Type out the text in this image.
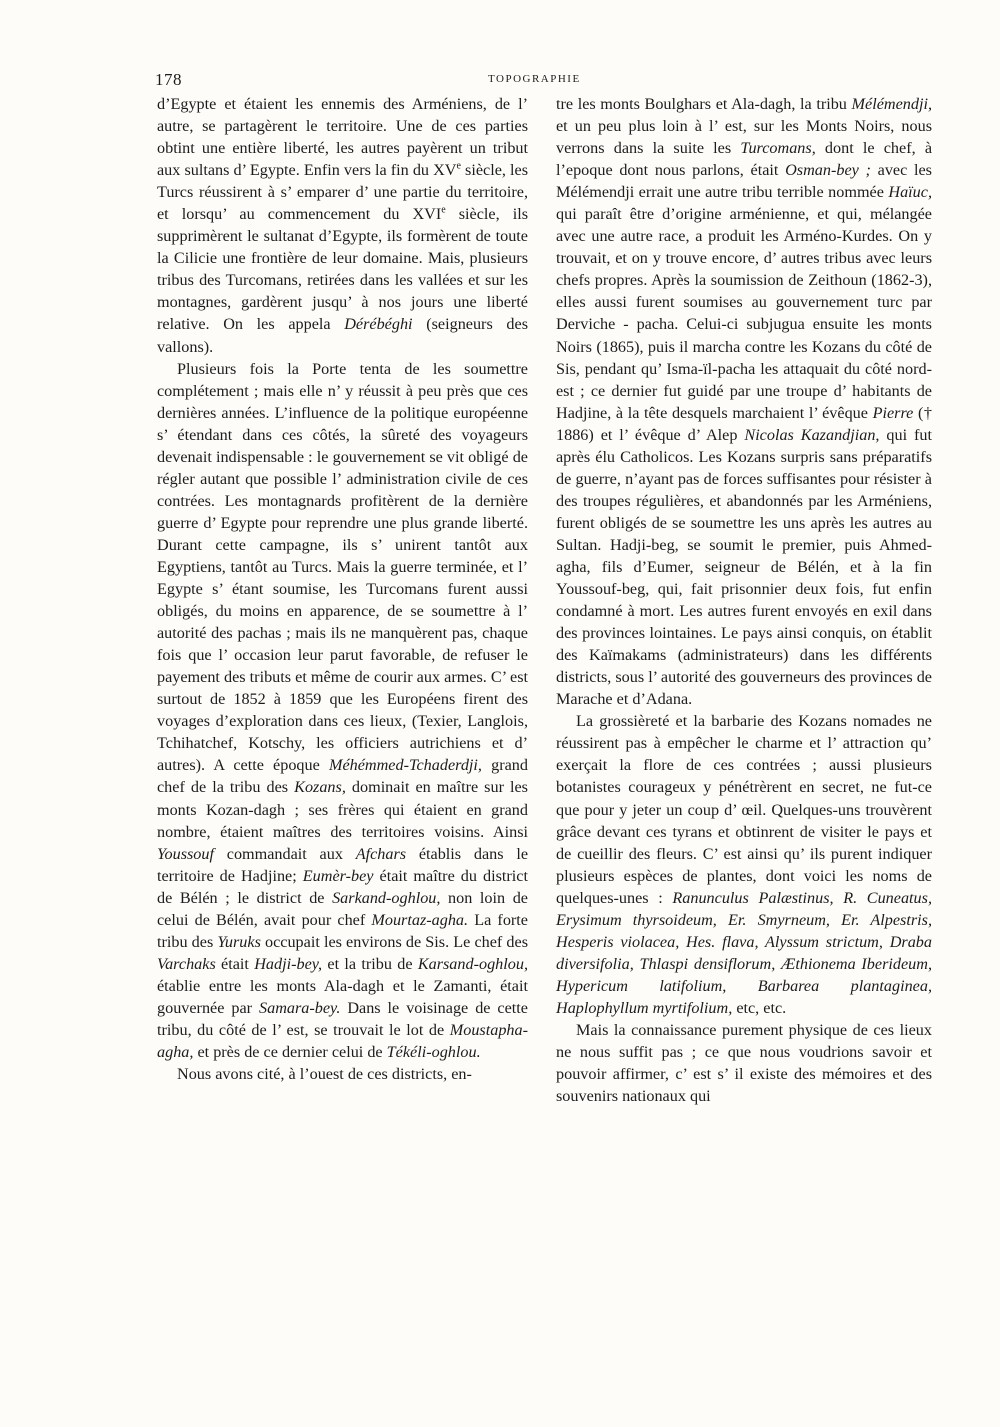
178	TOPOGRAPHIE

d’Egypte et étaient les ennemis des Arméniens, de l’ autre, se partagèrent le territoire. Une de ces parties obtint une entière liberté, les autres payèrent un tribut aux sultans d’ Egypte. Enfin vers la fin du XVe siècle, les Turcs réussirent à s’ emparer d’ une partie du territoire, et lorsqu’ au commencement du XVIe siècle, ils supprimèrent le sultanat d’Egypte, ils formèrent de toute la Cilicie une frontière de leur domaine. Mais, plusieurs tribus des Turcomans, retirées dans les vallées et sur les montagnes, gardèrent jusqu’ à nos jours une liberté relative. On les appela Dérébéghi (seigneurs des vallons).

Plusieurs fois la Porte tenta de les soumettre complétement ; mais elle n’ y réussit à peu près que ces dernières années. L’influence de la politique européenne s’ étendant dans ces côtés, la sûreté des voyageurs devenait indispensable : le gouvernement se vit obligé de régler autant que possible l’ administration civile de ces contrées. Les montagnards profitèrent de la dernière guerre d’ Egypte pour reprendre une plus grande liberté. Durant cette campagne, ils s’ unirent tantôt aux Egyptiens, tantôt au Turcs. Mais la guerre terminée, et l’ Egypte s’ étant soumise, les Turcomans furent aussi obligés, du moins en apparence, de se soumettre à l’ autorité des pachas ; mais ils ne manquèrent pas, chaque fois que l’ occasion leur parut favorable, de refuser le payement des tributs et même de courir aux armes. C’ est surtout de 1852 à 1859 que les Européens firent des voyages d’exploration dans ces lieux, (Texier, Langlois, Tchihatchef, Kotschy, les officiers autrichiens et d’ autres). A cette époque Méhémmed-Tchaderdji, grand chef de la tribu des Kozans, dominait en maître sur les monts Kozan-dagh ; ses frères qui étaient en grand nombre, étaient maîtres des territoires voisins. Ainsi Youssouf commandait aux Afchars établis dans le territoire de Hadjine; Eumèr-bey était maître du district de Bélén ; le district de Sarkand-oghlou, non loin de celui de Bélén, avait pour chef Mourtaz-agha. La forte tribu des Yuruks occupait les environs de Sis. Le chef des Varchaks était Hadji-bey, et la tribu de Karsand-oghlou, établie entre les monts Ala-dagh et le Zamanti, était gouvernée par Samara-bey. Dans le voisinage de cette tribu, du côté de l’ est, se trouvait le lot de Moustapha-agha, et près de ce dernier celui de Tékéli-oghlou.

Nous avons cité, à l’ouest de ces districts, en-

tre les monts Boulghars et Ala-dagh, la tribu Mélémendji, et un peu plus loin à l’ est, sur les Monts Noirs, nous verrons dans la suite les Turcomans, dont le chef, à l’epoque dont nous parlons, était Osman-bey ; avec les Mélémendji errait une autre tribu terrible nommée Haïuc, qui paraît être d’origine arménienne, et qui, mélangée avec une autre race, a produit les Arméno-Kurdes. On y trouvait, et on y trouve encore, d’ autres tribus avec leurs chefs propres. Après la soumission de Zeithoun (1862-3), elles aussi furent soumises au gouvernement turc par Derviche - pacha. Celui-ci subjugua ensuite les monts Noirs (1865), puis il marcha contre les Kozans du côté de Sis, pendant qu’ Isma-ïl-pacha les attaquait du côté nord-est ; ce dernier fut guidé par une troupe d’ habitants de Hadjine, à la tête desquels marchaient l’ évêque Pierre († 1886) et l’ évêque d’ Alep Nicolas Kazandjian, qui fut après élu Catholicos. Les Kozans surpris sans préparatifs de guerre, n’ayant pas de forces suffisantes pour résister à des troupes régulières, et abandonnés par les Arméniens, furent obligés de se soumettre les uns après les autres au Sultan. Hadji-beg, se soumit le premier, puis Ahmed-agha, fils d’Eumer, seigneur de Bélén, et à la fin Youssouf-beg, qui, fait prisonnier deux fois, fut enfin condamné à mort. Les autres furent envoyés en exil dans des provinces lointaines. Le pays ainsi conquis, on établit des Kaïmakams (administrateurs) dans les différents districts, sous l’ autorité des gouverneurs des provinces de Marache et d’Adana.

La grossièreté et la barbarie des Kozans nomades ne réussirent pas à empêcher le charme et l’ attraction qu’ exerçait la flore de ces contrées ; aussi plusieurs botanistes courageux y pénétrèrent en secret, ne fut-ce que pour y jeter un coup d’ œil. Quelques-uns trouvèrent grâce devant ces tyrans et obtinrent de visiter le pays et de cueillir des fleurs. C’ est ainsi qu’ ils purent indiquer plusieurs espèces de plantes, dont voici les noms de quelques-unes : Ranunculus Palæstinus, R. Cuneatus, Erysimum thyrsoideum, Er. Smyrneum, Er. Alpestris, Hesperis violacea, Hes. flava, Alyssum strictum, Draba diversifolia, Thlaspi densiflorum, Æthionema Iberideum, Hypericum latifolium, Barbarea plantaginea, Haplophyllum myrtifolium, etc, etc.

Mais la connaissance purement physique de ces lieux ne nous suffit pas ; ce que nous voudrions savoir et pouvoir affirmer, c’ est s’ il existe des mémoires et des souvenirs nationaux qui
